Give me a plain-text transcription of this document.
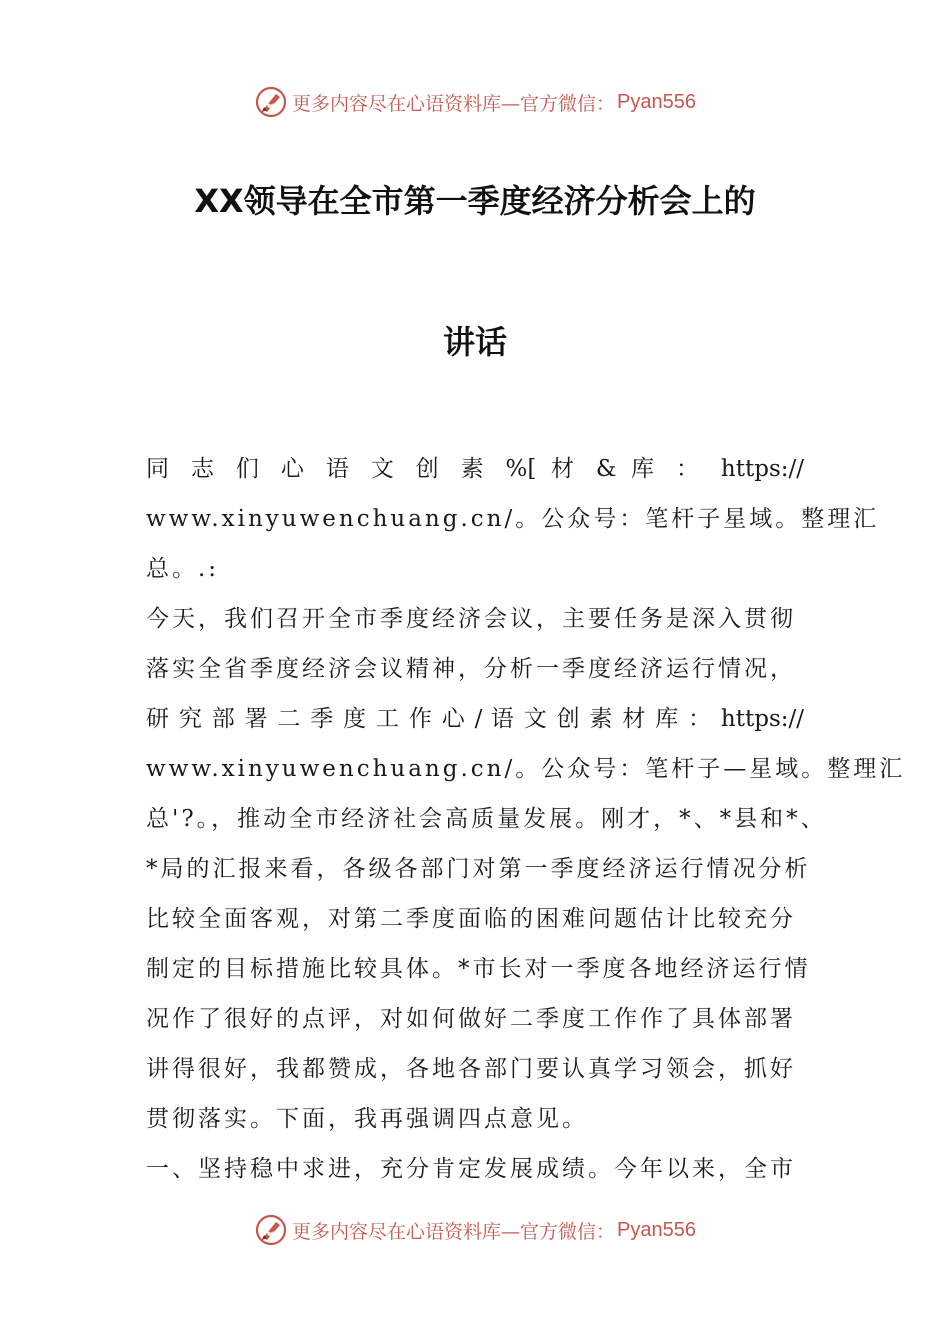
更多内容尽在心语资料库—官方微信： Pyan556
XX领导在全市第一季度经济分析会上的
讲话
同 志 们 心 语 文 创 素 %[ 材 & 库 ： https://
www.xinyuwenchuang.cn/。公众号：笔杆子星域。整理汇
总。.:
今天，我们召开全市季度经济会议，主要任务是深入贯彻
落实全省季度经济会议精神，分析一季度经济运行情况，
研 究 部 署 二 季 度 工 作 心 / 语 文 创 素 材 库 ： https://
www.xinyuwenchuang.cn/。公众号：笔杆子—星域。整理汇
总'?。，推动全市经济社会高质量发展。刚才，*、*县和*、
*局的汇报来看，各级各部门对第一季度经济运行情况分析
比较全面客观，对第二季度面临的困难问题估计比较充分
制定的目标措施比较具体。*市长对一季度各地经济运行情
况作了很好的点评，对如何做好二季度工作作了具体部署
讲得很好，我都赞成，各地各部门要认真学习领会，抓好
贯彻落实。下面，我再强调四点意见。
一、坚持稳中求进，充分肯定发展成绩。今年以来，全市
更多内容尽在心语资料库—官方微信： Pyan556
